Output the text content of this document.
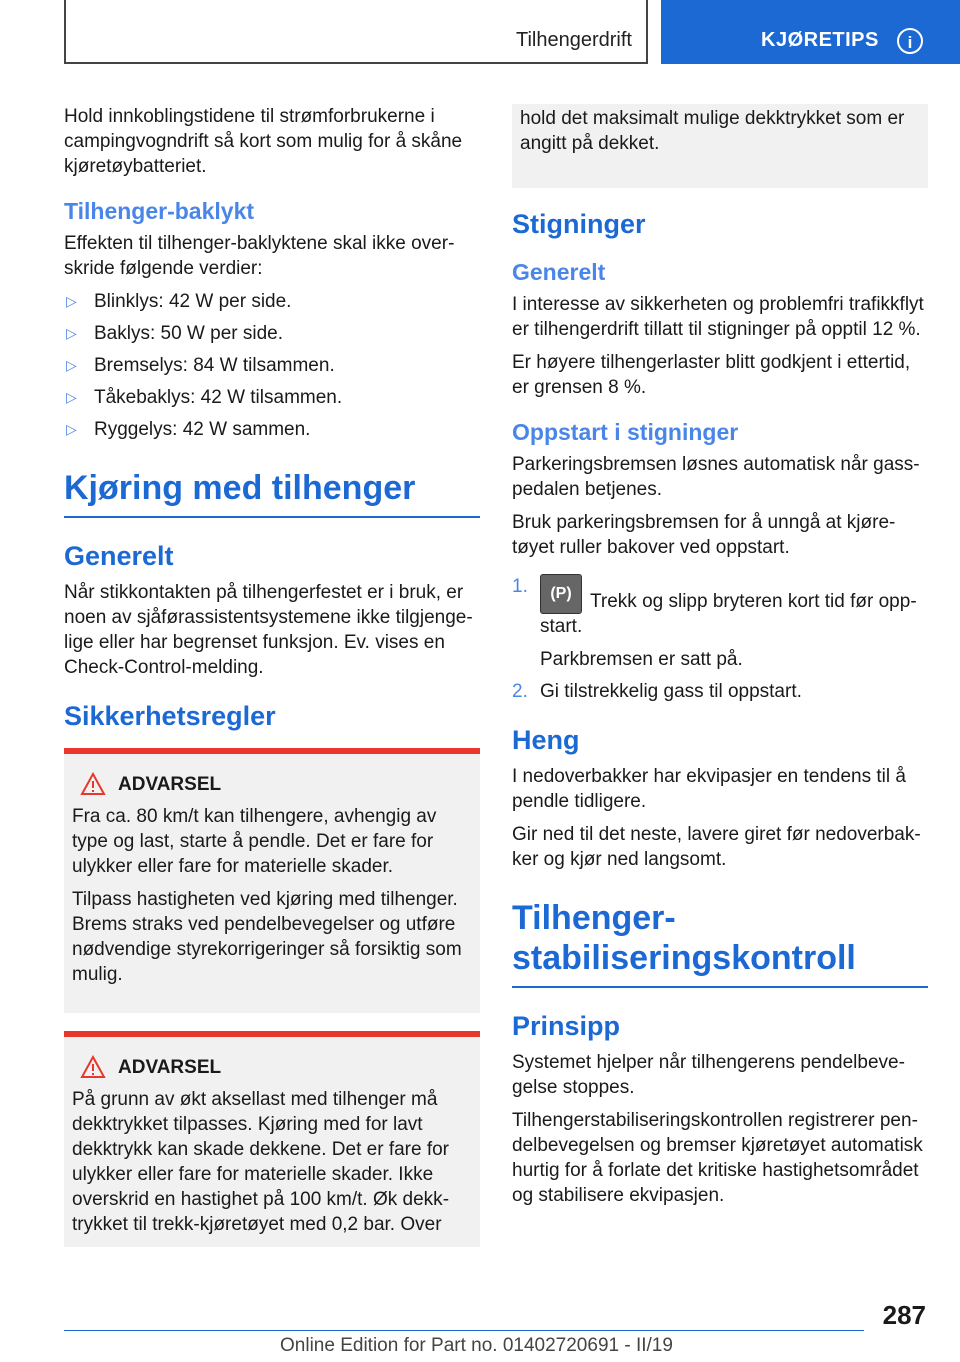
Tilhengerdrift	KJØRETIPS	i

Hold innkoblingstidene til strømforbrukerne i campingvogndrift så kort som mulig for å skåne kjøretøybatteriet.

Tilhenger-baklykt

Effekten til tilhenger-baklyktene skal ikke overskride følgende verdier:

▷ Blinklys: 42 W per side.
▷ Baklys: 50 W per side.
▷ Bremselys: 84 W tilsammen.
▷ Tåkebaklys: 42 W tilsammen.
▷ Ryggelys: 42 W sammen.
Kjøring med tilhenger
Generelt

Når stikkontakten på tilhengerfestet er i bruk, er noen av sjåførassistentsystemene ikke tilgjengelige eller har begrenset funksjon. Ev. vises en Check-Control-melding.

Sikkerhetsregler
ADVARSEL

Fra ca. 80 km/t kan tilhengere, avhengig av type og last, starte å pendle. Det er fare for ulykker eller fare for materielle skader.

Tilpass hastigheten ved kjøring med tilhenger. Brems straks ved pendelbevegelser og utføre nødvendige styrekorrigeringer så forsiktig som mulig.

ADVARSEL

På grunn av økt aksellast med tilhenger må dekktrykket tilpasses. Kjøring med for lavt dekktrykk kan skade dekkene. Det er fare for ulykker eller fare for materielle skader. Ikke overskrid en hastighet på 100 km/t. Øk dekktrykket til trekk-kjøretøyet med 0,2 bar. Over

hold det maksimalt mulige dekktrykket som er angitt på dekket.

Stigninger
Generelt

I interesse av sikkerheten og problemfri trafikkflyt er tilhengerdrift tillatt til stigninger på opptil 12 %.

Er høyere tilhengerlaster blitt godkjent i ettertid, er grensen 8 %.

Oppstart i stigninger

Parkeringsbremsen løsnes automatisk når gasspedalen betjenes.

Bruk parkeringsbremsen for å unngå at kjøretøyet ruller bakover ved oppstart.

1. (P) Trekk og slipp bryteren kort tid før oppstart.
Parkbremsen er satt på.
2. Gi tilstrekkelig gass til oppstart.
Heng

I nedoverbakker har ekvipasjer en tendens til å pendle tidligere.

Gir ned til det neste, lavere giret før nedoverbakker og kjør ned langsomt.

Tilhengerstabiliseringskontroll
Prinsipp

Systemet hjelper når tilhengerens pendelbevegelse stoppes.

Tilhengerstabiliseringskontrollen registrerer pendelbevegelsen og bremser kjøretøyet automatisk hurtig for å forlate det kritiske hastighetsområdet og stabilisere ekvipasjen.

287
Online Edition for Part no. 01402720691 - II/19
